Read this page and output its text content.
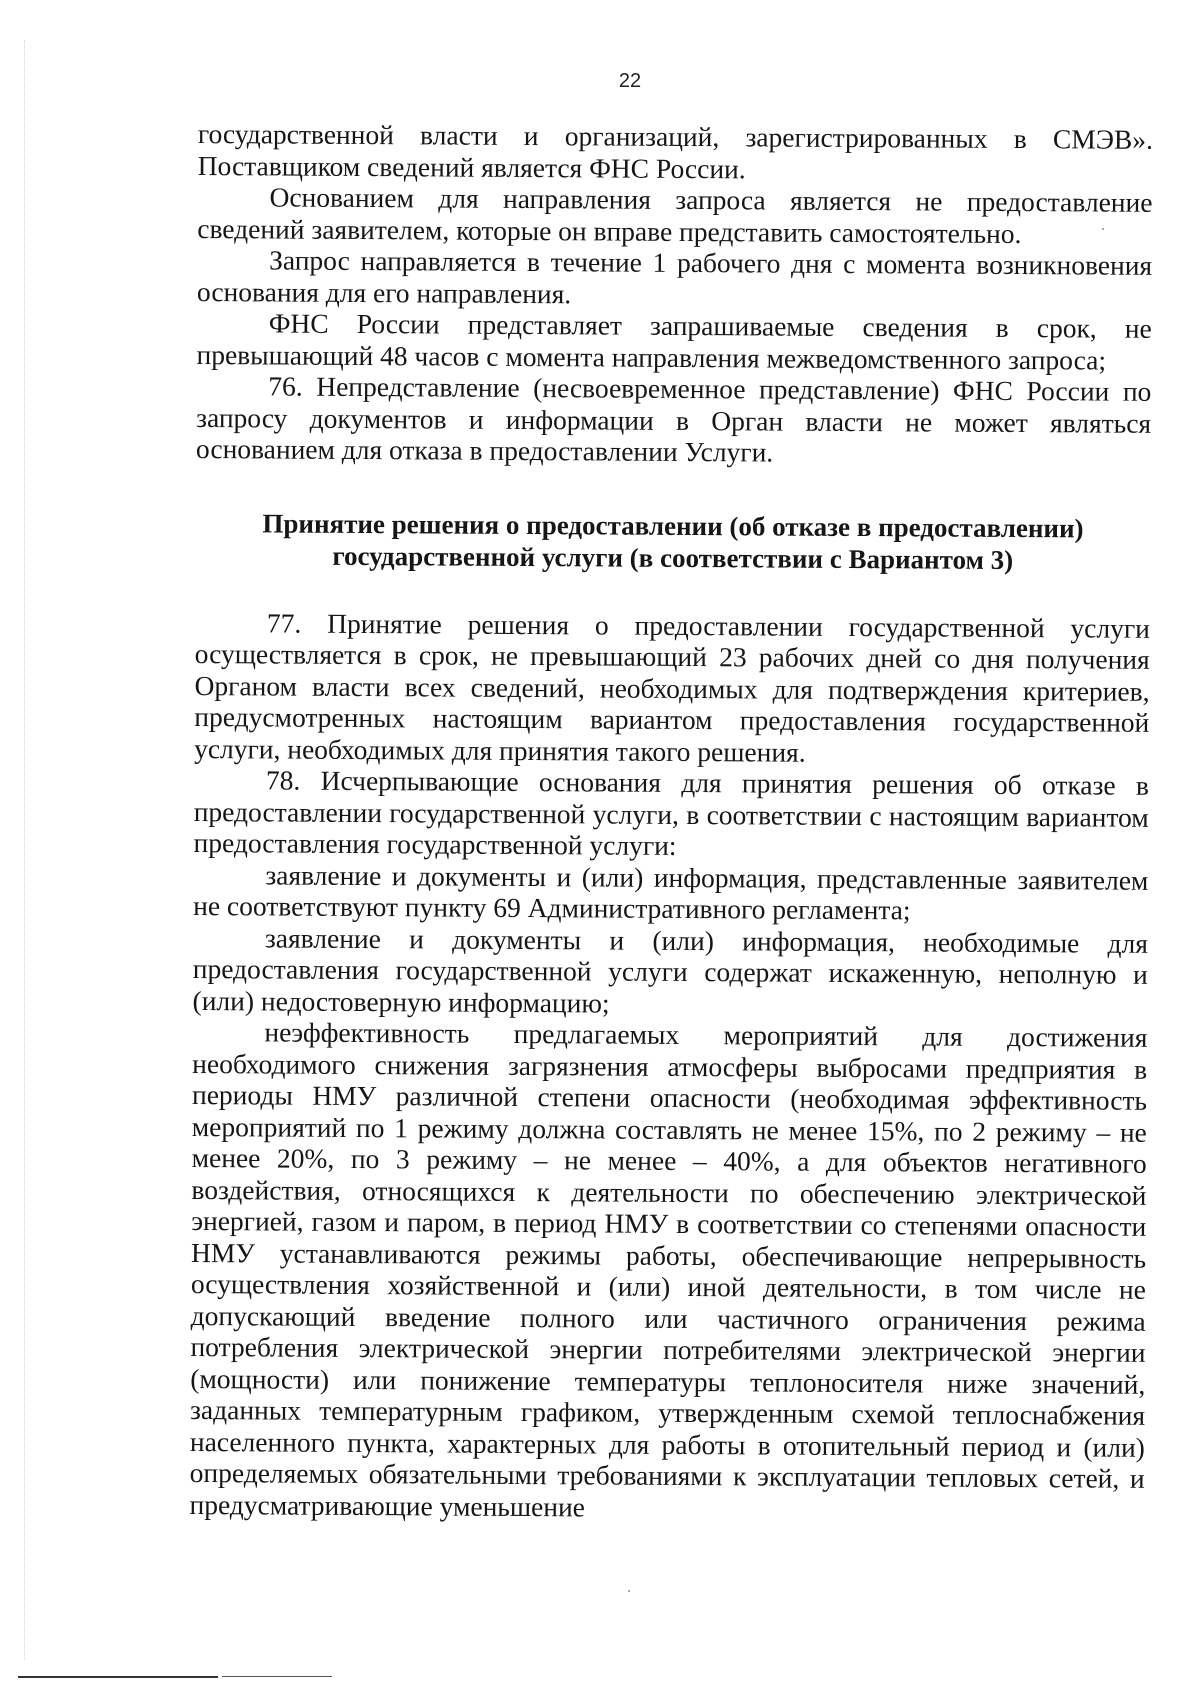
22

государственной власти и организаций, зарегистрированных в СМЭВ». Поставщиком сведений является ФНС России.

Основанием для направления запроса является не предоставление сведений заявителем, которые он вправе представить самостоятельно.

Запрос направляется в течение 1 рабочего дня с момента возникновения основания для его направления.

ФНС России представляет запрашиваемые сведения в срок, не превышающий 48 часов с момента направления межведомственного запроса;

76. Непредставление (несвоевременное представление) ФНС России по запросу документов и информации в Орган власти не может являться основанием для отказа в предоставлении Услуги.

Принятие решения о предоставлении (об отказе в предоставлении)
государственной услуги (в соответствии с Вариантом 3)

77. Принятие решения о предоставлении государственной услуги осуществляется в срок, не превышающий 23 рабочих дней со дня получения Органом власти всех сведений, необходимых для подтверждения критериев, предусмотренных настоящим вариантом предоставления государственной услуги, необходимых для принятия такого решения.

78. Исчерпывающие основания для принятия решения об отказе в предоставлении государственной услуги, в соответствии с настоящим вариантом предоставления государственной услуги:

заявление и документы и (или) информация, представленные заявителем не соответствуют пункту 69 Административного регламента;

заявление и документы и (или) информация, необходимые для предоставления государственной услуги содержат искаженную, неполную и (или) недостоверную информацию;

неэффективность предлагаемых мероприятий для достижения необходимого снижения загрязнения атмосферы выбросами предприятия в периоды НМУ различной степени опасности (необходимая эффективность мероприятий по 1 режиму должна составлять не менее 15%, по 2 режиму – не менее 20%, по 3 режиму – не менее – 40%, а для объектов негативного воздействия, относящихся к деятельности по обеспечению электрической энергией, газом и паром, в период НМУ в соответствии со степенями опасности НМУ устанавливаются режимы работы, обеспечивающие непрерывность осуществления хозяйственной и (или) иной деятельности, в том числе не допускающий введение полного или частичного ограничения режима потребления электрической энергии потребителями электрической энергии (мощности) или понижение температуры теплоносителя ниже значений, заданных температурным графиком, утвержденным схемой теплоснабжения населенного пункта, характерных для работы в отопительный период и (или) определяемых обязательными требованиями к эксплуатации тепловых сетей, и предусматривающие уменьшение
